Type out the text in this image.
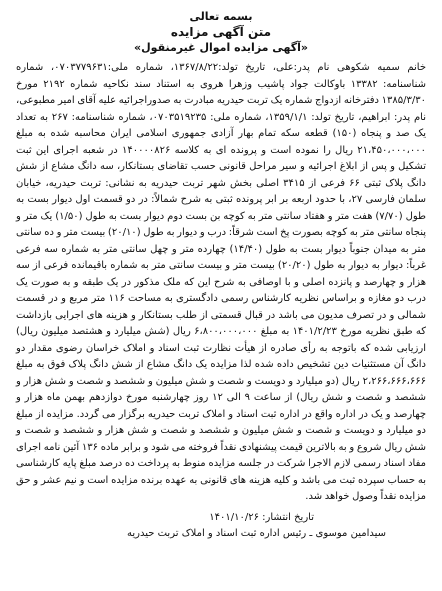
بسمه تعالی
متن آگهی مزایده
«آگهی مزایده اموال غیرمنقول»

خانم سمیه شکوهی نام پدر:علی، تاریخ تولد:۱۳۶۷/۸/۲۲، شماره ملی:۰۷۰۳۷۷۹۶۳۱، شماره شناسنامه: ۱۳۳۸۲ باوکالت جواد پاشیب وزهرا هروی به استناد سند نکاحیه شماره ۲۱۹۲ مورخ ۱۳۸۵/۳/۳۰ دفترخانه ازدواج شماره یک تربت حیدریه مبادرت به صدوراجرائیه علیه آقای امیر مطبوعی، نام پدر: ابراهیم، تاریخ تولد: ۱۳۵۹/۱/۱، شماره ملی: ۰۷۰۳۵۱۹۲۳۵، شماره شناسنامه: ۲۶۷ به تعداد یک صد و پنجاه (۱۵۰) قطعه سکه تمام بهار آزادی جمهوری اسلامی ایران محاسبه شده به مبلغ ۲۱،۴۵۰،۰۰۰،۰۰۰ ریال را نموده است و پرونده ای به کلاسه ۱۴۰۰۰۰۸۲۶ در شعبه اجرای این ثبت تشکیل و پس از ابلاغ اجرائیه و سیر مراحل قانونی حسب تقاضای بستانکار، سه دانگ مشاع از شش دانگ پلاک ثبتی ۶۶ فرعی از ۳۴۱۵ اصلی بخش شهر تربت حیدریه به نشانی: تربت حیدریه، خیابان سلمان فارسی ۲۷، با حدود اربعه بر ابر پرونده ثبتی به شرح شمالاً: در دو قسمت اول دیوار بست به طول (۷/۷۰) هفت متر و هفتاد سانتی متر به کوچه بن بست دوم دیوار بست به طول (۱/۵۰) یک متر و پنجاه سانتی متر به کوچه بصورت پخ است شرقاً: درب و دیوار به طول (۲۰/۱۰) بیست متر و ده سانتی متر به میدان جنوباً دیوار بست به طول (۱۴/۴۰) چهارده متر و چهل سانتی متر به شماره سه فرعی غرباً: دیوار به دیوار به طول (۲۰/۲۰) بیست متر و بیست سانتی متر به شماره باقیمانده فرعی از سه هزار و چهارصد و پانزده اصلی و با اوصافی به شرح این که ملک مذکور در یک طبقه و به صورت یک درب دو مغازه و براساس نظریه کارشناس رسمی دادگستری به مساحت ۱۱۶ متر مربع و در قسمت شمالی و در تصرف مدیون می باشد در قبال قسمتی از طلب بستانکار و هزینه های اجرایی بازداشت که طبق نظریه مورخ ۱۴۰۱/۲/۲۳ به مبلغ ۶،۸۰۰،۰۰۰،۰۰۰ ریال (شش میلیارد و هشتصد میلیون ریال) ارزیابی شده که باتوجه به رأی صادره از هیأت نظارت ثبت اسناد و املاک خراسان رضوی مقدار دو دانگ آن مستثنیات دین تشخیص داده شده لذا مزایده یک دانگ مشاع از شش دانگ پلاک فوق به مبلغ ۲،۲۶۶،۶۶۶،۶۶۶ ریال (دو میلیارد و دویست و شصت و شش میلیون و ششصد و شصت و شش هزار و ششصد و شصت و شش ریال) از ساعت ۹ الی ۱۲ روز چهارشنبه مورخ دوازدهم بهمن ماه هزار و چهارصد و یک در اداره واقع در اداره ثبت اسناد و املاک تربت حیدریه برگزار می گردد. مزایده از مبلغ دو میلیارد و دویست و شصت و شش میلیون و ششصد و شصت و شش هزار و ششصد و شصت و شش ریال شروع و به بالاترین قیمت پیشنهادی نقداً فروخته می شود و برابر ماده ۱۳۶ آئین نامه اجرای مفاد اسناد رسمی لازم الاجرا شرکت در جلسه مزایده منوط به پرداخت ده درصد مبلغ پایه کارشناسی به حساب سپرده ثبت می باشد و کلیه هزینه های قانونی به عهده برنده مزایده است و نیم عشر و حق مزایده نقداً وصول خواهد شد.

تاریخ انتشار: ۱۴۰۱/۱۰/۲۶
سیدامین موسوی ـ رئیس اداره ثبت اسناد و املاک تربت حیدریه
